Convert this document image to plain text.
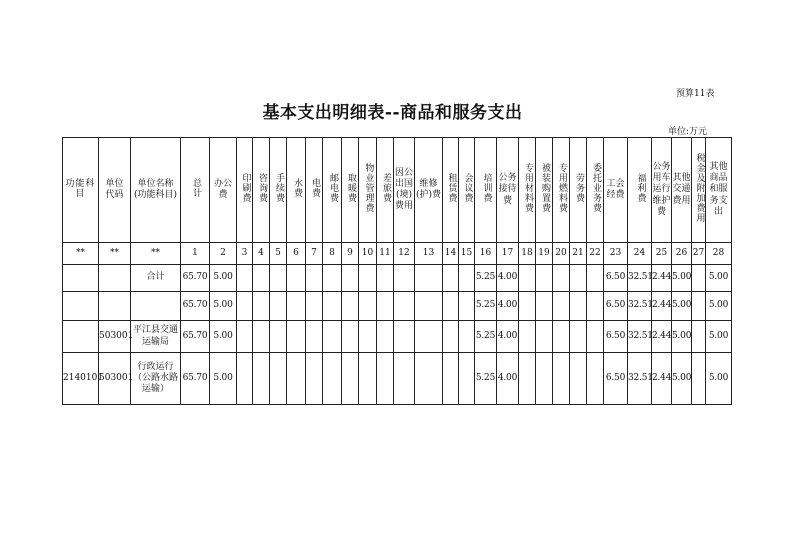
预算11表
基本支出明细表--商品和服务支出
单位:万元
功能科目	单位代码	单位名称(功能科目)	总计	办公费	印刷费	咨询费	手续费	水费	电费	邮电费	取暖费	物业管理费	差旅费	因公出国(境)费用	维修(护)费	租赁费	会议费	培训费	公务接待费	专用材料费	被装购置费	专用燃料费	劳务费	委托业务费	工会经费	福利费	公务用车运行维护费	其他交通费用	税金及附加费用	其他商品和服务支出
**	**	**	1	2	3	4	5	6	7	8	9	10	11	12	13	14	15	16	17	18	19	20	21	22	23	24	25	26	27	28
		合计	65.70	5.00														5.25	4.00						6.50	32.51	2.44	5.00		5.00
			65.70	5.00														5.25	4.00						6.50	32.51	2.44	5.00		5.00
	503001	平江县交通运输局	65.70	5.00														5.25	4.00						6.50	32.51	2.44	5.00		5.00
2140101	503001	行政运行（公路水路运输）	65.70	5.00														5.25	4.00						6.50	32.51	2.44	5.00		5.00
